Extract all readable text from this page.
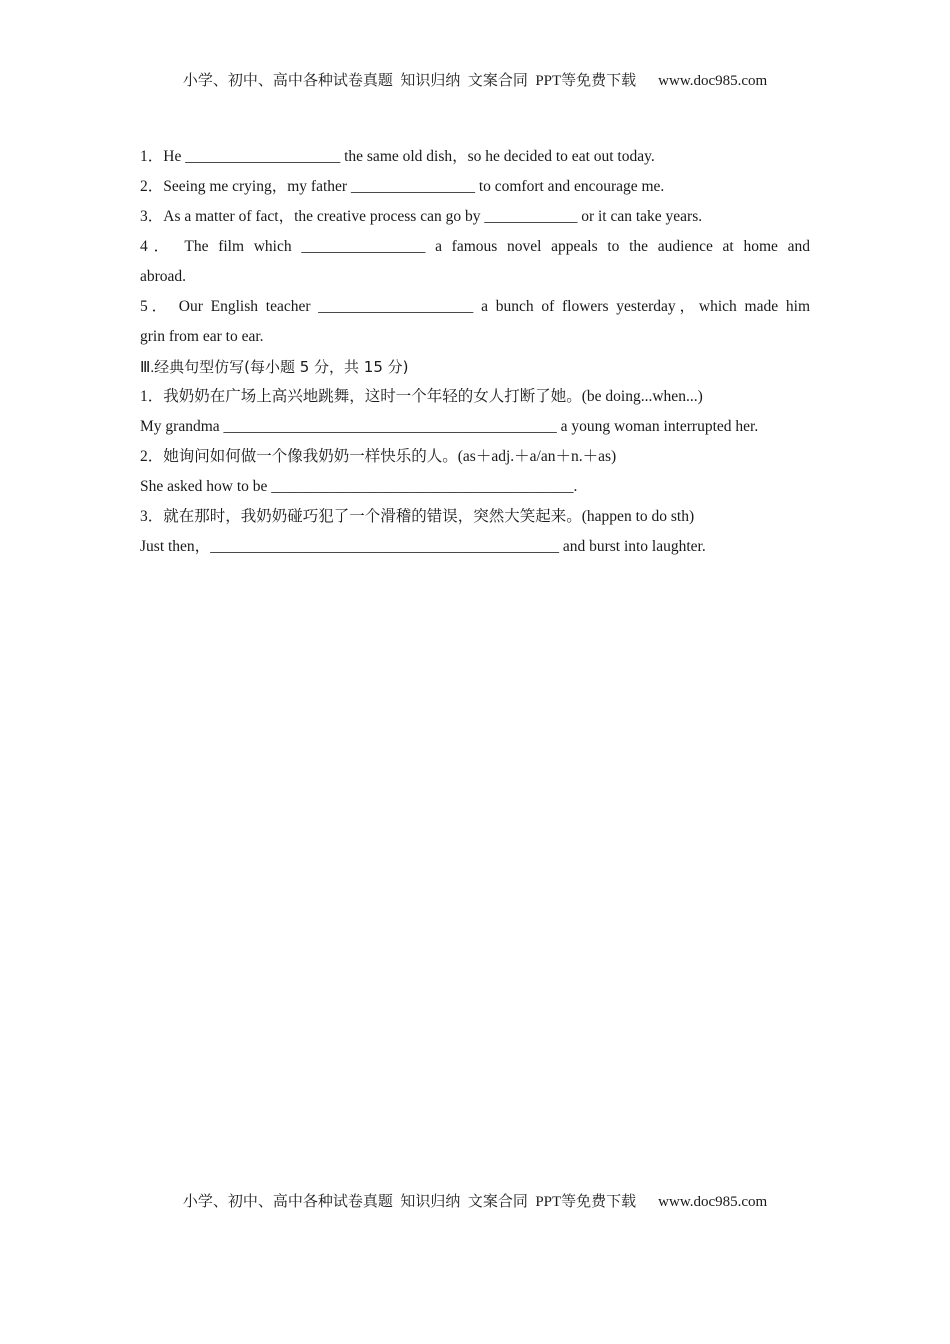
小学、初中、高中各种试卷真题  知识归纳  文案合同  PPT等免费下载 www.doc985.com
1．He ____________________ the same old dish，so he decided to eat out today.
2．Seeing me crying，my father ________________ to comfort and encourage me.
3．As a matter of fact，the creative process can go by ____________ or it can take years.
4． The film which ________________ a famous novel appeals to the audience at home and
abroad.
5． Our English teacher ____________________ a bunch of flowers yesterday，which made him
grin from ear to ear.
Ⅲ.经典句型仿写(每小题 5 分，共 15 分)
1．我奶奶在广场上高兴地跳舞，这时一个年轻的女人打断了她。(be doing...when...)
My grandma ___________________________________________ a young woman interrupted her.
2．她询问如何做一个像我奶奶一样快乐的人。(as＋adj.＋a/an＋n.＋as)
She asked how to be _______________________________________.
3．就在那时，我奶奶碰巧犯了一个滑稽的错误，突然大笑起来。(happen to do sth)
Just then，_____________________________________________ and burst into laughter.
小学、初中、高中各种试卷真题  知识归纳  文案合同  PPT等免费下载 www.doc985.com
